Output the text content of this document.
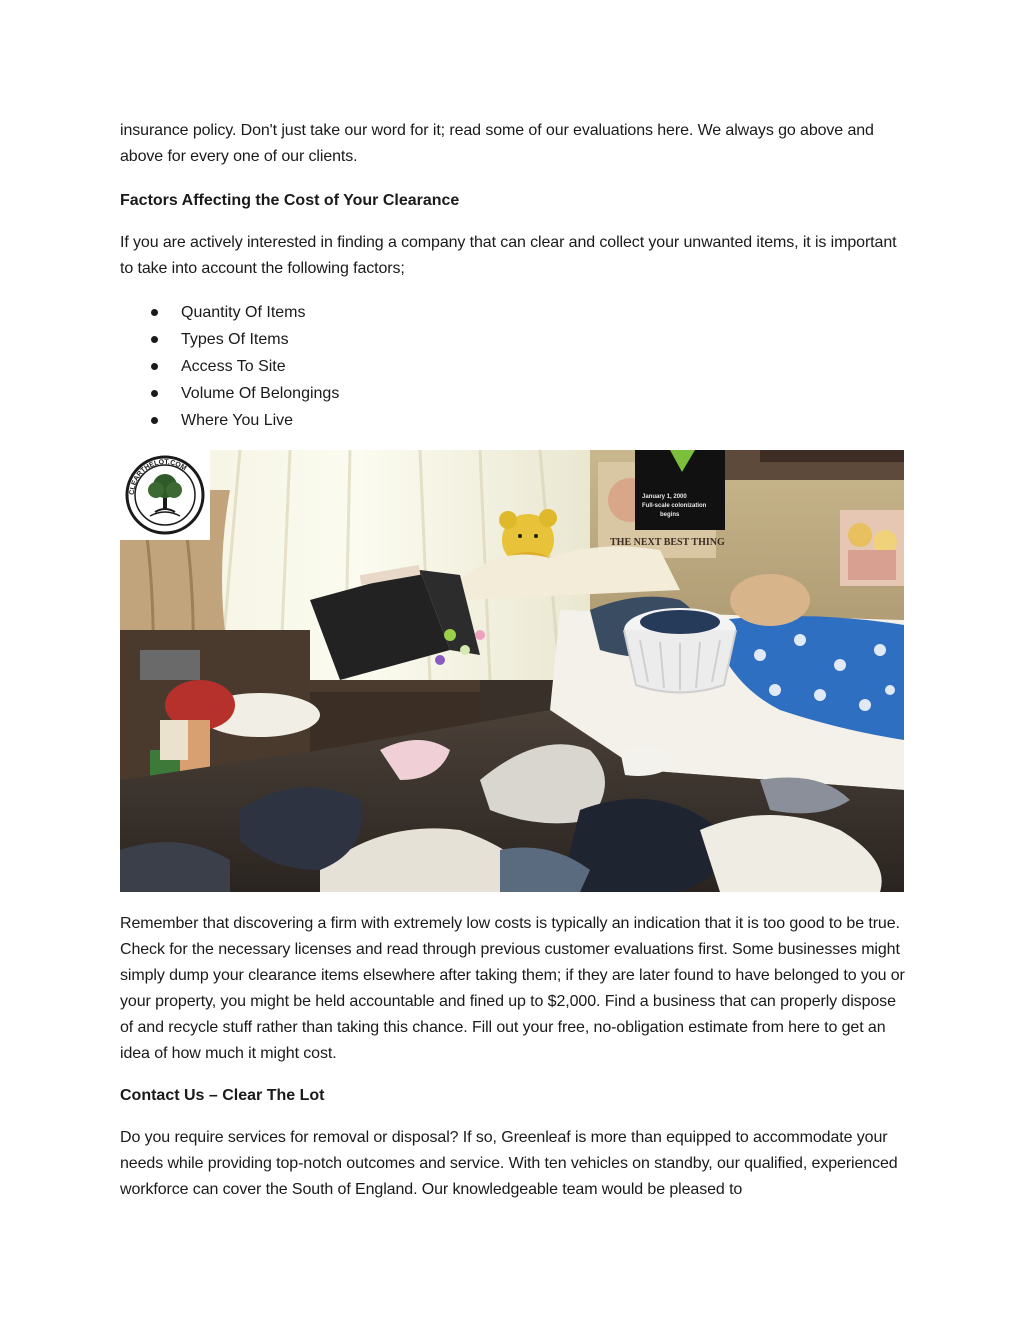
insurance policy. Don't just take our word for it; read some of our evaluations here. We always go above and above for every one of our clients.

Factors Affecting the Cost of Your Clearance

If you are actively interested in finding a company that can clear and collect your unwanted items, it is important to take into account the following factors;

Quantity Of Items
Types Of Items
Access To Site
Volume Of Belongings
Where You Live
THE NEXT BEST THING
January 1, 2000 Full-scale colonization begins
CLEARTHELOT.COM

Remember that discovering a firm with extremely low costs is typically an indication that it is too good to be true. Check for the necessary licenses and read through previous customer evaluations first. Some businesses might simply dump your clearance items elsewhere after taking them; if they are later found to have belonged to you or your property, you might be held accountable and fined up to $2,000. Find a business that can properly dispose of and recycle stuff rather than taking this chance. Fill out your free, no-obligation estimate from here to get an idea of how much it might cost.

Contact Us – Clear The Lot

Do you require services for removal or disposal? If so, Greenleaf is more than equipped to accommodate your needs while providing top-notch outcomes and service. With ten vehicles on standby, our qualified, experienced workforce can cover the South of England. Our knowledgeable team would be pleased to
